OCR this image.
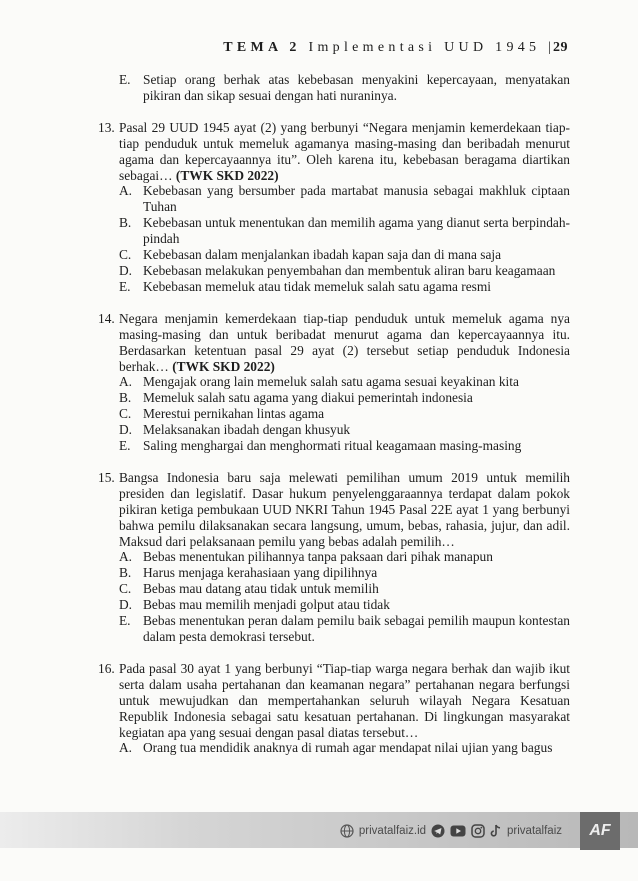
TEMA 2 Implementasi UUD 1945 | 29
E. Setiap orang berhak atas kebebasan menyakini kepercayaan, menyatakan pikiran dan sikap sesuai dengan hati nuraninya.
13. Pasal 29 UUD 1945 ayat (2) yang berbunyi “Negara menjamin kemerdekaan tiap-tiap penduduk untuk memeluk agamanya masing-masing dan beribadah menurut agama dan kepercayaannya itu”. Oleh karena itu, kebebasan beragama diartikan sebagai… (TWK SKD 2022)
A. Kebebasan yang bersumber pada martabat manusia sebagai makhluk ciptaan Tuhan
B. Kebebasan untuk menentukan dan memilih agama yang dianut serta berpindah-pindah
C. Kebebasan dalam menjalankan ibadah kapan saja dan di mana saja
D. Kebebasan melakukan penyembahan dan membentuk aliran baru keagamaan
E. Kebebasan memeluk atau tidak memeluk salah satu agama resmi
14. Negara menjamin kemerdekaan tiap-tiap penduduk untuk memeluk agama nya masing-masing dan untuk beribadat menurut agama dan kepercayaannya itu. Berdasarkan ketentuan pasal 29 ayat (2) tersebut setiap penduduk Indonesia berhak… (TWK SKD 2022)
A. Mengajak orang lain memeluk salah satu agama sesuai keyakinan kita
B. Memeluk salah satu agama yang diakui pemerintah indonesia
C. Merestui pernikahan lintas agama
D. Melaksanakan ibadah dengan khusyuk
E. Saling menghargai dan menghormati ritual keagamaan masing-masing
15. Bangsa Indonesia baru saja melewati pemilihan umum 2019 untuk memilih presiden dan legislatif. Dasar hukum penyelenggaraannya terdapat dalam pokok pikiran ketiga pembukaan UUD NKRI Tahun 1945 Pasal 22E ayat 1 yang berbunyi bahwa pemilu dilaksanakan secara langsung, umum, bebas, rahasia, jujur, dan adil. Maksud dari pelaksanaan pemilu yang bebas adalah pemilih…
A. Bebas menentukan pilihannya tanpa paksaan dari pihak manapun
B. Harus menjaga kerahasiaan yang dipilihnya
C. Bebas mau datang atau tidak untuk memilih
D. Bebas mau memilih menjadi golput atau tidak
E. Bebas menentukan peran dalam pemilu baik sebagai pemilih maupun kontestan dalam pesta demokrasi tersebut.
16. Pada pasal 30 ayat 1 yang berbunyi “Tiap-tiap warga negara berhak dan wajib ikut serta dalam usaha pertahanan dan keamanan negara” pertahanan negara berfungsi untuk mewujudkan dan mempertahankan seluruh wilayah Negara Kesatuan Republik Indonesia sebagai satu kesatuan pertahanan. Di lingkungan masyarakat kegiatan apa yang sesuai dengan pasal diatas tersebut…
A. Orang tua mendidik anaknya di rumah agar mendapat nilai ujian yang bagus
privatalfaiz.id	privatalfaiz AF
